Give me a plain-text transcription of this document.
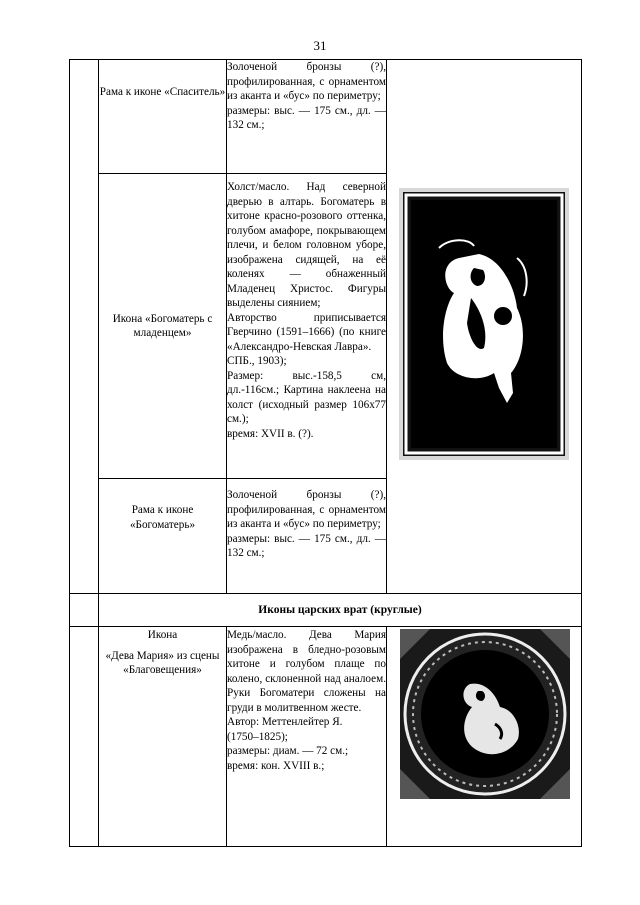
31
	Рама к иконе «Спаситель»	Золоченой бронзы (?), профилированная, с орнаментом из аканта и «бус» по периметру;
размеры: выс. — 175 см., дл. — 132 см.;

	Икона «Богоматерь с младенцем»	Холст/масло. Над северной дверью в алтарь. Богоматерь в хитоне красно-розового оттенка, голубом амафоре, покрывающем плечи, и белом головном уборе, изображена сидящей, на её коленях — обнаженный Младенец Христос. Фигуры выделены сиянием;
Авторство приписывается Гверчино (1591–1666) (по книге «Александро-Невская Лавра».
СПБ., 1903);
Размер: выс.-158,5 см, дл.-116см.; Картина наклеена на холст (исходный размер 106х77 см.);
время: XVII в. (?).	

	Рама к иконе «Богоматерь»	Золоченой бронзы (?), профилированная, с орнаментом из аканта и «бус» по периметру;
размеры: выс. — 175 см., дл. — 132 см.;	

	Иконы царских врат (круглые)		

	Икона
«Дева Мария» из сцены «Благовещения»	Медь/масло. Дева Мария изображена в бледно-розовым хитоне и голубом плаще по колено, склоненной над аналоем. Руки Богоматери сложены на груди в молитвенном жесте.
Автор: Меттенлейтер Я.
(1750–1825);
размеры: диам. — 72 см.;
время: кон. XVIII в.;
